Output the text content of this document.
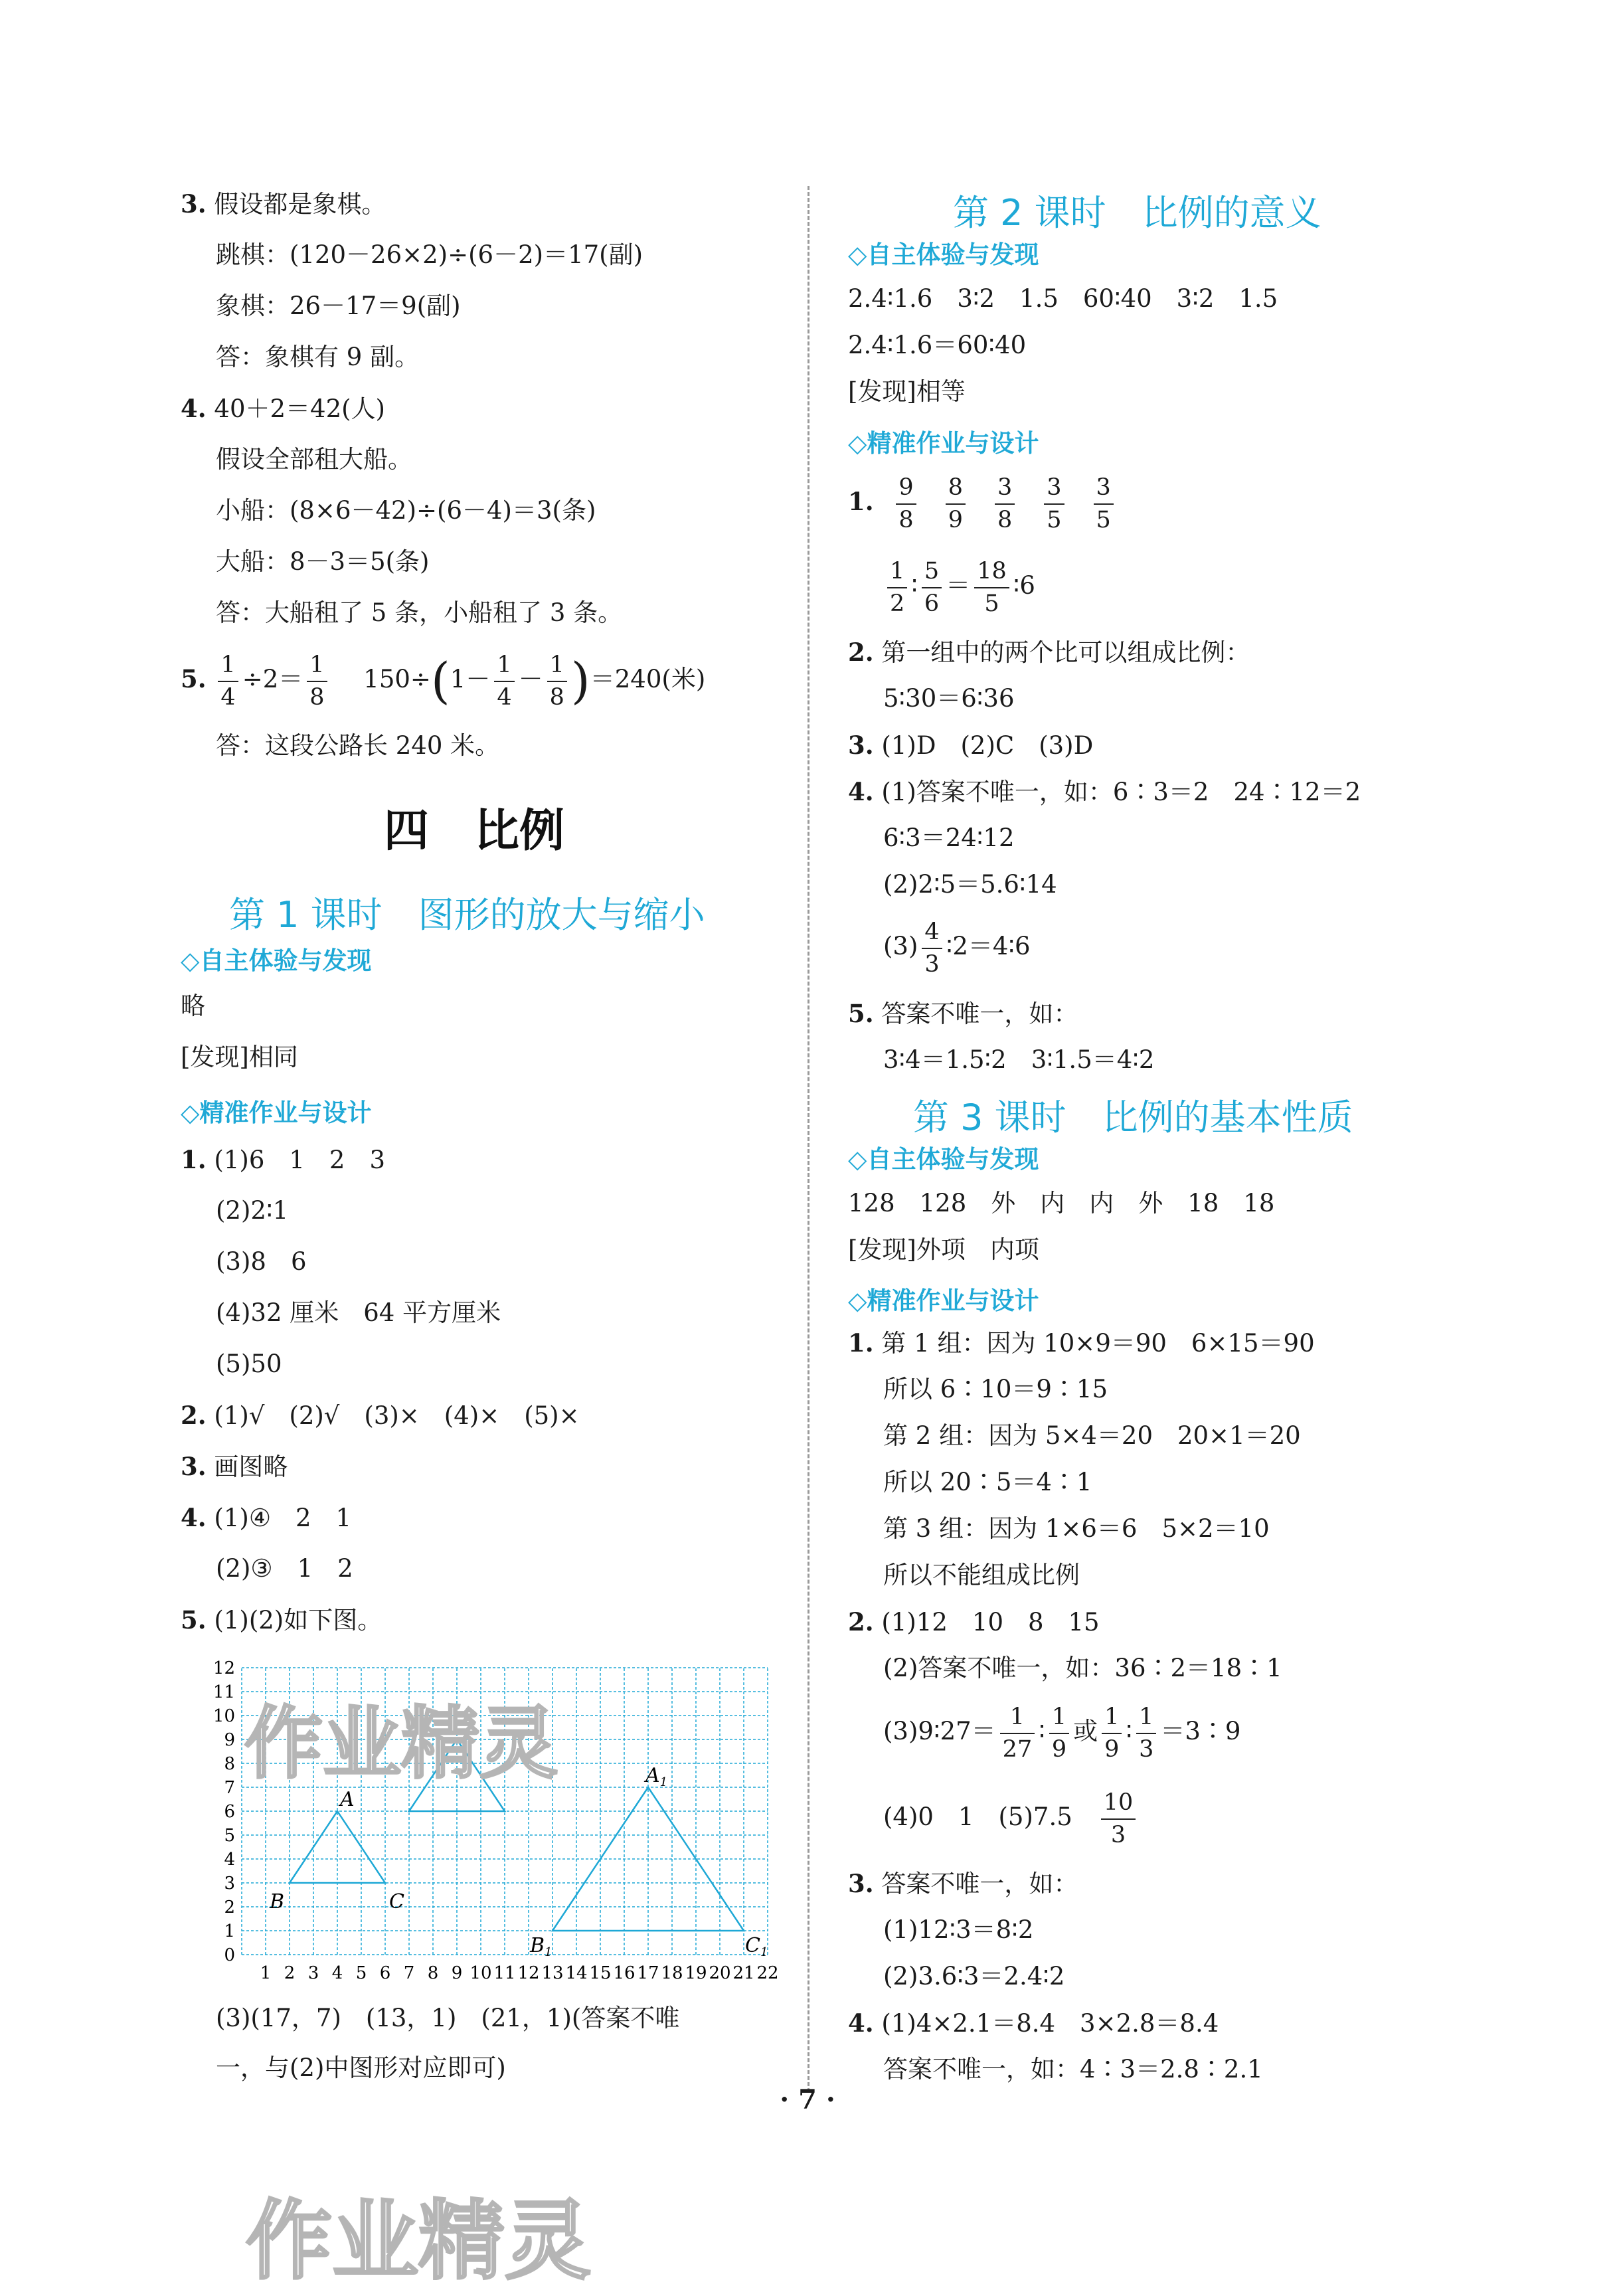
3. 假设都是象棋。
跳棋：(120－26×2)÷(6－2)＝17(副)
象棋：26－17＝9(副)
答：象棋有 9 副。
4. 40＋2＝42(人)
假设全部租大船。
小船：(8×6－42)÷(6－4)＝3(条)
大船：8－3＝5(条)
答：大船租了 5 条，小船租了 3 条。
5. $\frac{1}{4} \div 2= \frac{1}{8}$
　 $150\div(1- \frac{1}{4} - \frac{1}{8} )=240$(米)
答：这段公路长 240 米。
四　比例
第 1 课时　图形的放大与缩小
◇自主体验与发现
略
[发现]相同
◇精准作业与设计
1. (1)6　1　2　3
(2)2∶1
(3)8　6
(4)32 厘米　64 平方厘米
(5)50
2. (1)√　(2)√　(3)×　(4)×　(5)×
3. 画图略
4. (1)④　2　1
(2)③　1　2
5. (1)(2)如下图。
(3)(17，7)　(13，1)　(21，1)(答案不唯
一，与(2)中图形对应即可)
1 2 3 4 5 6 7 8 9 10 11 12 13 14 15 16 17 18 19 20 21 22
0
1
2
3
4
5
6
7
8
9
10
11
12
A
B	C
$A_1$
$B_1$	$C_1$
第 2 课时　比例的意义
◇自主体验与发现
2.4∶1.6　3∶2　1.5　60∶40　3∶2　1.5
2.4∶1.6＝60∶40
[发现]相等
◇精准作业与设计
1. $\frac{9}{8} \frac{8}{9} \frac{3}{8} \frac{3}{5} \frac{3}{5}$
$\frac{1}{2}$ ∶ $\frac{5}{6} = \frac{18}{5}$ ∶6
2. 第一组中的两个比可以组成比例：
5∶30＝6∶36
3. (1)D　(2)C　(3)D
4. (1)答案不唯一，如：6∶3＝2　24∶12＝2
6∶3＝24∶12
(2)2∶5＝5.6∶14
$(3) \frac{4}{3}$ ∶2＝4∶6
5. 答案不唯一，如：
3∶4＝1.5∶2　3∶1.5＝4∶2
第 3 课时　比例的基本性质
◇自主体验与发现
128　128　外　内　内　外　18　18
[发现]外项　内项
◇精准作业与设计
1. 第 1 组：因为 10×9＝90　6×15＝90
所以 6∶10＝9∶15
第 2 组：因为 5×4＝20　20×1＝20
所以 20∶5＝4∶1
第 3 组：因为 1×6＝6　5×2＝10
所以不能组成比例
2. (1)12　10　8　15
(2)答案不唯一，如：36∶2＝18∶1
(3)9∶27＝ $\frac{1}{27}$ ∶ $\frac{1}{9}$ 或 $\frac{1}{9}$ ∶ $\frac{1}{3}$ ＝3∶9
(4)0　1　(5)7.5　 $\frac{10}{3}$
3. 答案不唯一，如：
(1)12∶3＝8∶2
(2)3.6∶3＝2.4∶2
4. (1)4×2.1＝8.4　3×2.8＝8.4
答案不唯一，如：4∶3＝2.8∶2.1
· 7 ·
作业精灵
作业精灵
